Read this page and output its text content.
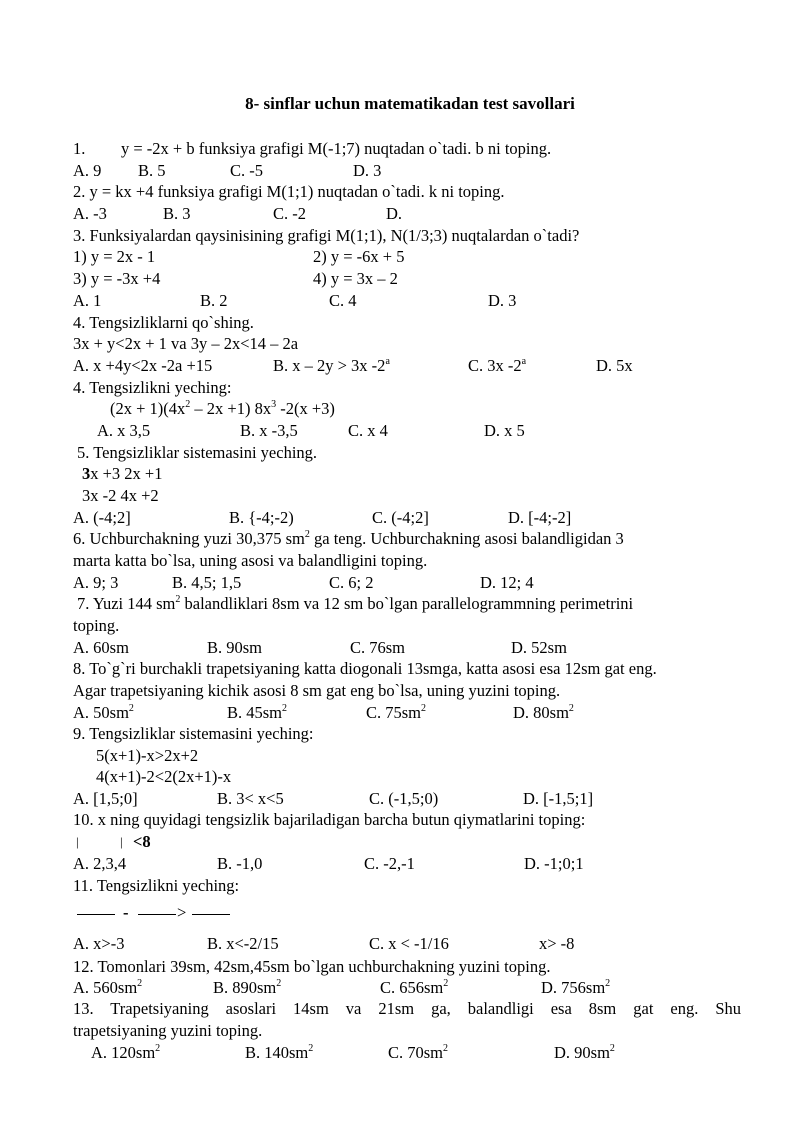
8- sinflar uchun matematikadan test savollari
1. y = -2x + b funksiya grafigi M(-1;7) nuqtadan o`tadi. b ni toping.
A. 9 B. 5	C. -5	D. 3
2. y = kx +4 funksiya grafigi M(1;1) nuqtadan o`tadi. k ni toping.
A. -3	B. 3	C. -2	D.
3. Funksiyalardan qaysinisining grafigi M(1;1), N(1/3;3) nuqtalardan o`tadi?
1) y = 2x - 1	2) y = -6x + 5
3) y = -3x +4	4) y = 3x – 2
A. 1	B. 2	C. 4	D. 3
4. Tengsizliklarni qo`shing.
3x + y<2x + 1 va 3y – 2x<14 – 2a
A. x +4y<2x -2a +15	B. x – 2y > 3x -2$^a$	C. 3x -2$^a$	D. 5x
4. Tengsizlikni yeching:
$(2x + 1)(4x^2 - 2x +1)$ $8x^3$ -2(x +3)
A. x 3,5	B. x -3,5	C. x 4	D. x 5
5. Tengsizliklar sistemasini yeching.
3x +3 2x +1
3x -2 4x +2
A. (-4;2]	B. {-4;-2)	C. (-4;2]	D. [-4;-2]
6. Uchburchakning yuzi 30,375 $sm^2$ ga teng. Uchburchakning asosi balandligidan 3
marta katta bo`lsa, uning asosi va balandligini toping.
A. 9; 3	B. 4,5; 1,5	C. 6; 2	D. 12; 4
7. Yuzi 144 $sm^2$ balandliklari 8sm va 12 sm bo`lgan parallelogrammning perimetrini
toping.
A. 60sm	B. 90sm	C. 76sm	D. 52sm
8. To`g`ri burchakli trapetsiyaning katta diogonali 13smga, katta asosi esa 12sm gat eng.
Agar trapetsiyaning kichik asosi 8 sm gat eng bo`lsa, uning yuzini toping.
A. $50sm^2$	B. $45sm^2$	C. $75sm^2$	D. $80sm^2$
9. Tengsizliklar sistemasini yeching:
5(x+1)-x>2x+2
4(x+1)-2<2(2x+1)-x
A. [1,5;0]	B. 3< x<5	C. (-1,5;0)	D. [-1,5;1]
10. x ning quyidagi tengsizlik bajariladigan barcha butun qiymatlarini toping:
|	| <8
A. 2,3,4	B. -1,0	C. -2,-1	D. -1;0;1
11. Tengsizlikni yeching:
-	>
A. x>-3	B. x<-2/15	C. x < -1/16	x> -8
12. Tomonlari 39sm, 42sm,45sm bo`lgan uchburchakning yuzini toping.
A. $560sm^2$	B. $890sm^2$	C. $656sm^2$	D. $756sm^2$
13. Trapetsiyaning asoslari 14sm va 21sm ga, balandligi esa 8sm gat eng. Shu
trapetsiyaning yuzini toping.
A. $120sm^2$	B. $140sm^2$	C. $70sm^2$	D. $90sm^2$
